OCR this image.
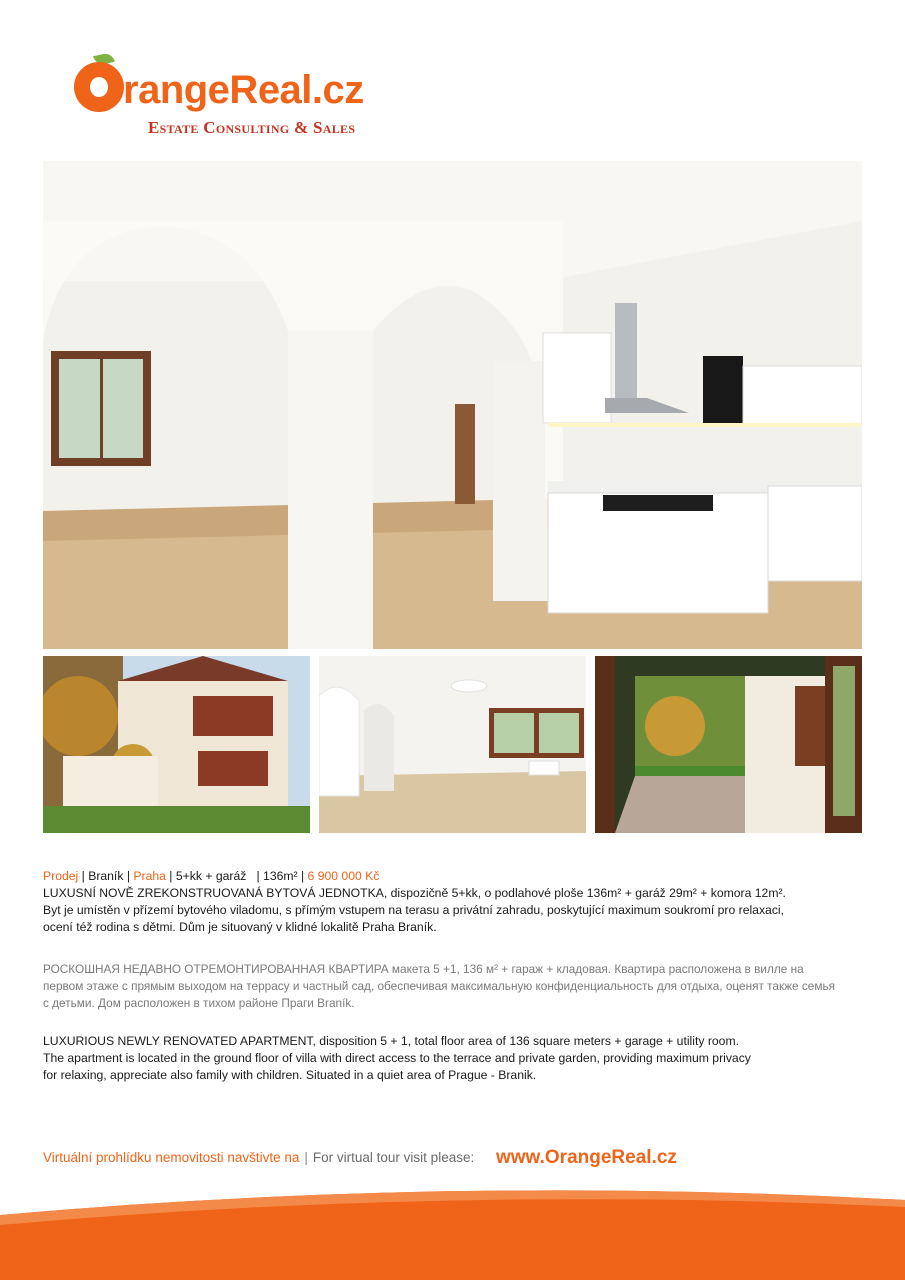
rangeReal.cz
Estate Consulting & Sales
Prodej | Braník | Praha | 5+kk + garáž   | 136m² | 6 900 000 Kč
LUXUSNÍ NOVĚ ZREKONSTRUOVANÁ BYTOVÁ JEDNOTKA, dispozičně 5+kk, o podlahové ploše 136m² + garáž 29m² + komora 12m².
Byt je umístěn v přízemí bytového viladomu, s přímým vstupem na terasu a privátní zahradu, poskytující maximum soukromí pro relaxaci,
ocení též rodina s dětmi. Dům je situovaný v klidné lokalitě Praha Braník.
РОСКОШНАЯ НЕДАВНО ОТРЕМОНТИРОВАННАЯ КВАРТИРА макета 5 +1, 136 м² + гараж + кладовая. Квартира расположена в вилле на
первом этаже с прямым выходом на террасу и частный сад, обеспечивая максимальную конфиденциальность для отдыха, оценят также семья
с детьми. Дом расположен в тихом районе Праги Braník.
LUXURIOUS NEWLY RENOVATED APARTMENT, disposition 5 + 1, total floor area of 136 square meters + garage + utility room.
The apartment is located in the ground floor of villa with direct access to the terrace and private garden, providing maximum privacy
for relaxing, appreciate also family with children. Situated in a quiet area of Prague - Branik.
Virtuální prohlídku nemovitosti navštivte na | For virtual tour visit please: www.OrangeReal.cz
